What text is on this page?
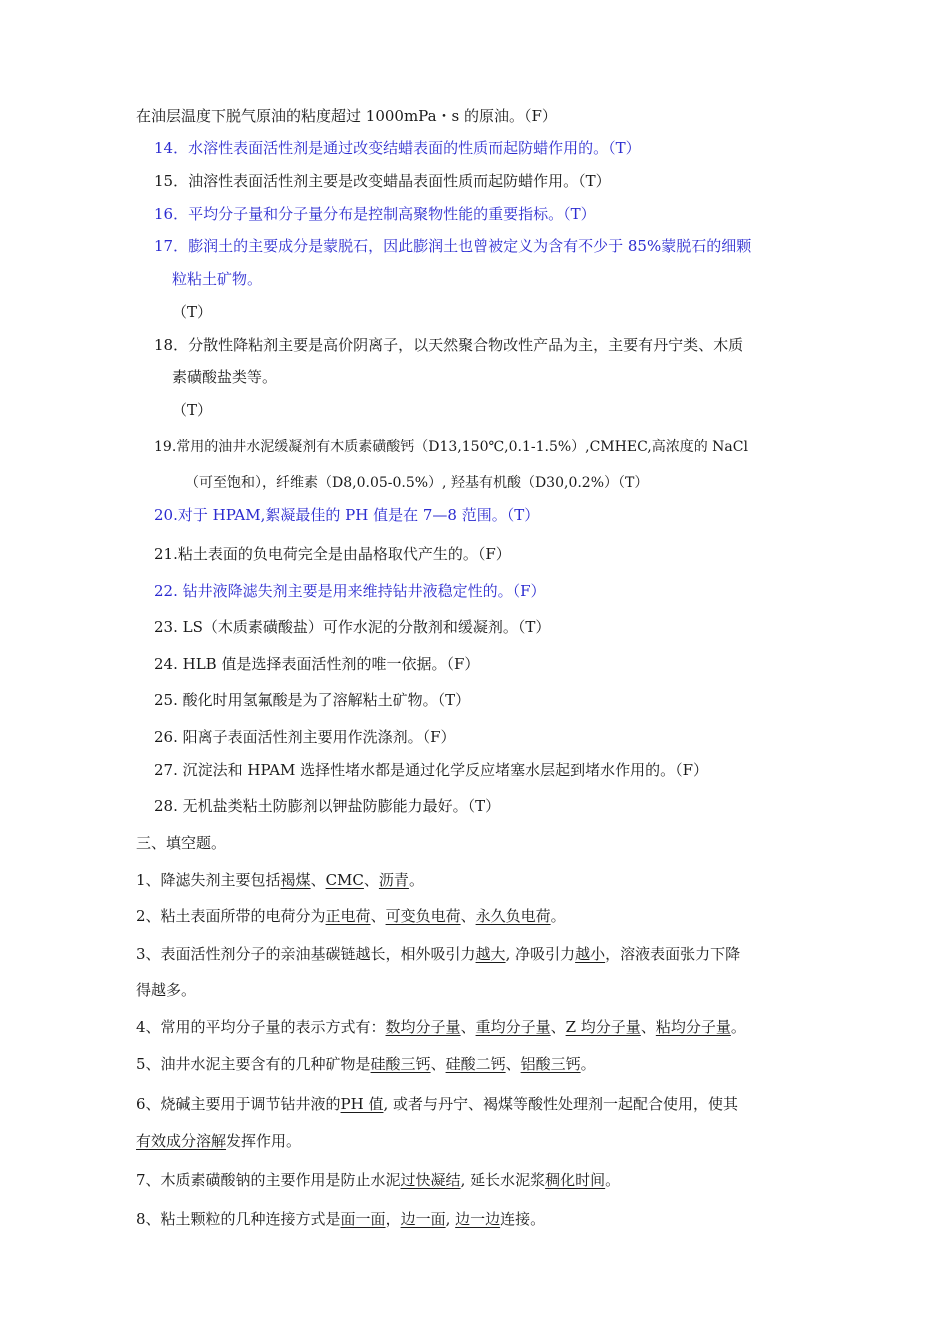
在油层温度下脱气原油的粘度超过 1000mPa・s 的原油。（F）
14．水溶性表面活性剂是通过改变结蜡表面的性质而起防蜡作用的。（T）
15．油溶性表面活性剂主要是改变蜡晶表面性质而起防蜡作用。（T）
16．平均分子量和分子量分布是控制高聚物性能的重要指标。（T）
17．膨润土的主要成分是蒙脱石，因此膨润土也曾被定义为含有不少于 85%蒙脱石的细颗
粒粘土矿物。
（T）
18．分散性降粘剂主要是高价阴离子，以天然聚合物改性产品为主，主要有丹宁类、木质
素磺酸盐类等。
（T）
19.常用的油井水泥缓凝剂有木质素磺酸钙（D13,150℃,0.1-1.5%）,CMHEC,高浓度的 NaCl
（可至饱和），纤维素（D8,0.05-0.5%）, 羟基有机酸（D30,0.2%）（T）
20.对于 HPAM,絮凝最佳的 PH 值是在 7—8 范围。（T）
21.粘土表面的负电荷完全是由晶格取代产生的。（F）
22. 钻井液降滤失剂主要是用来维持钻井液稳定性的。（F）
23. LS（木质素磺酸盐）可作水泥的分散剂和缓凝剂。（T）
24. HLB 值是选择表面活性剂的唯一依据。（F）
25. 酸化时用氢氟酸是为了溶解粘土矿物。（T）
26. 阳离子表面活性剂主要用作洗涤剂。（F）
27. 沉淀法和 HPAM 选择性堵水都是通过化学反应堵塞水层起到堵水作用的。（F）
28. 无机盐类粘土防膨剂以钾盐防膨能力最好。（T）
三、填空题。
1、降滤失剂主要包括褐煤、CMC、沥青。
2、粘土表面所带的电荷分为正电荷、可变负电荷、永久负电荷。
3、表面活性剂分子的亲油基碳链越长，相外吸引力越大, 净吸引力越小，溶液表面张力下降
得越多。
4、常用的平均分子量的表示方式有：数均分子量、重均分子量、Z 均分子量、粘均分子量。
5、油井水泥主要含有的几种矿物是硅酸三钙、硅酸二钙、铝酸三钙。
6、烧碱主要用于调节钻井液的PH 值, 或者与丹宁、褐煤等酸性处理剂一起配合使用，使其
有效成分溶解发挥作用。
7、木质素磺酸钠的主要作用是防止水泥过快凝结, 延长水泥浆稠化时间。
8、粘土颗粒的几种连接方式是面一面，边一面, 边一边连接。
